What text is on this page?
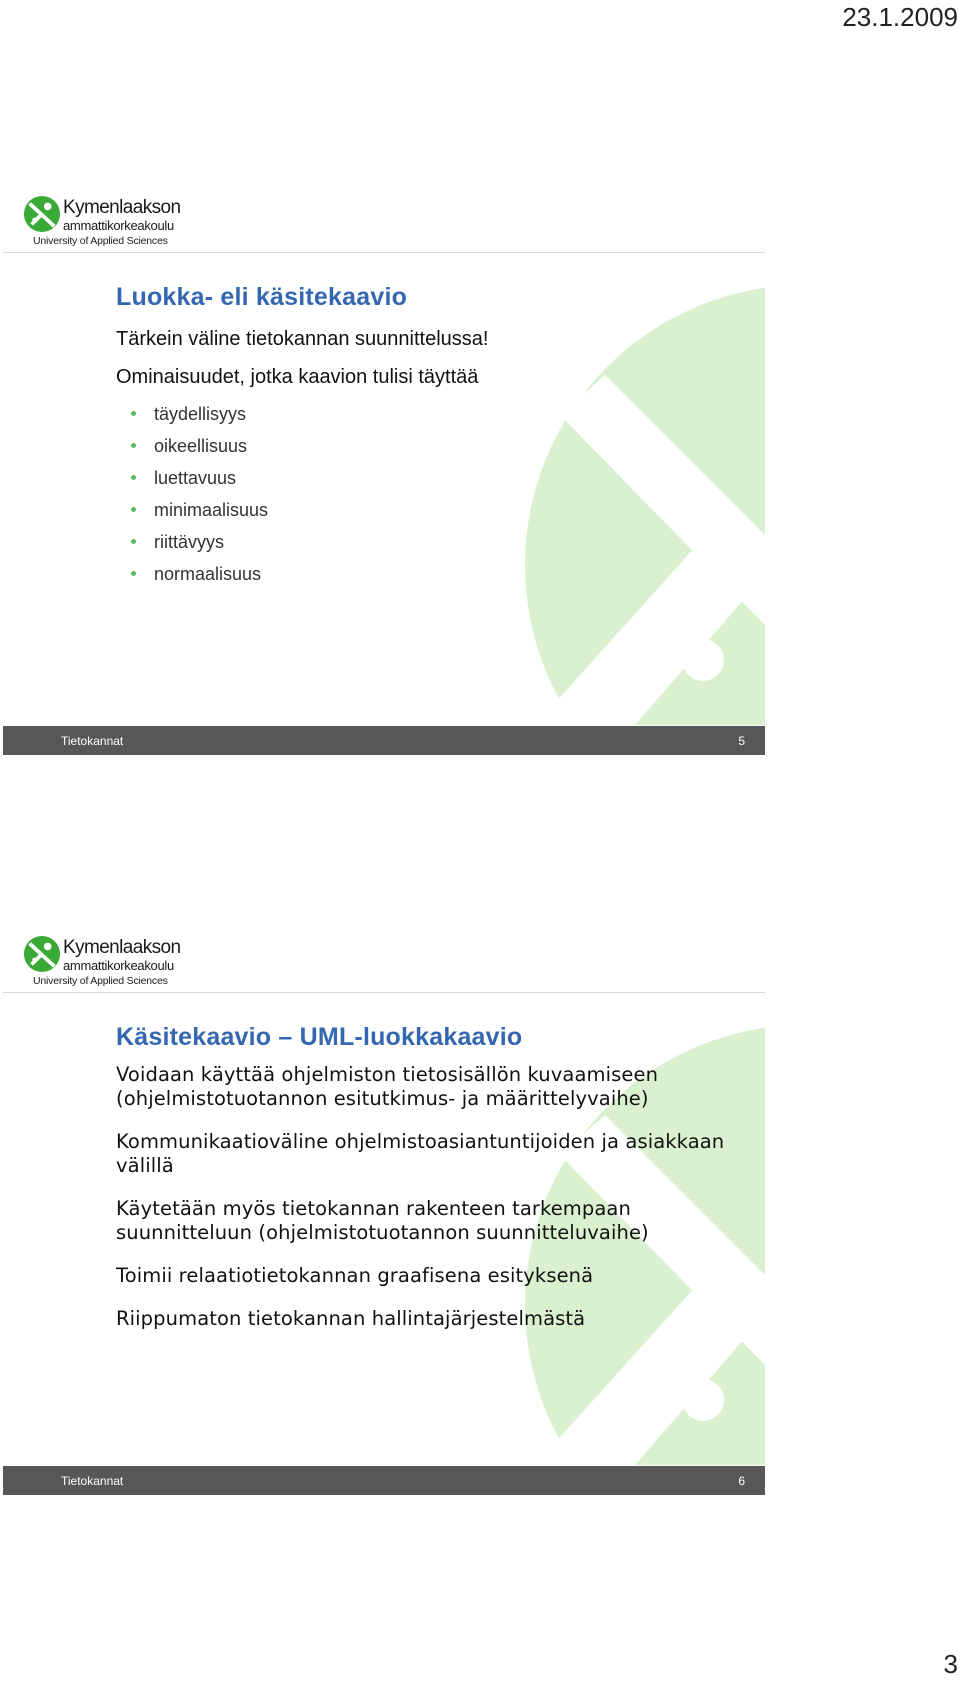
23.1.2009
Kymenlaakson
ammattikorkeakoulu
University of Applied Sciences
Luokka- eli käsitekaavio

Tärkein väline tietokannan suunnittelussa!

Ominaisuudet, jotka kaavion tulisi täyttää

täydellisyys
oikeellisuus
luettavuus
minimaalisuus
riittävyys
normaalisuus
Tietokannat	5
Kymenlaakson
ammattikorkeakoulu
University of Applied Sciences
Käsitekaavio – UML-luokkakaavio

Voidaan käyttää ohjelmiston tietosisällön kuvaamiseen (ohjelmistotuotannon esitutkimus- ja määrittelyvaihe)

Kommunikaatioväline ohjelmistoasiantuntijoiden ja asiakkaan välillä

Käytetään myös tietokannan rakenteen tarkempaan suunnitteluun (ohjelmistotuotannon suunnitteluvaihe)

Toimii relaatiotietokannan graafisena esityksenä

Riippumaton tietokannan hallintajärjestelmästä

Tietokannat	6
3
